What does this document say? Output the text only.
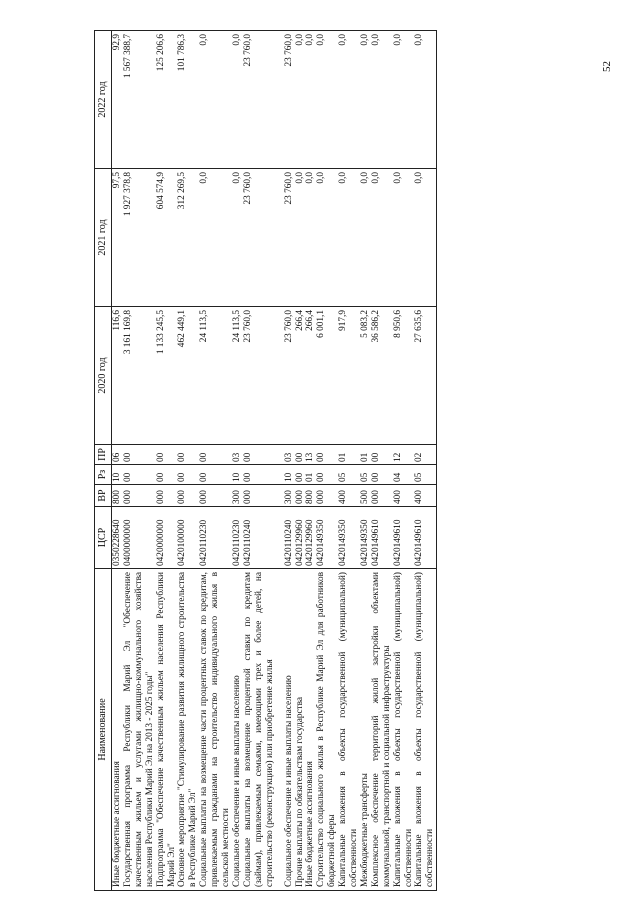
52
Наименование	ЦСР	ВР	Рз	ПР	2020 год	2021 год	2022 год
Иные бюджетные ассигнования	0350228640	800	10	06	116,6	97,5	92,9
Государственная программа Республики Марий Эл "Обеспечение качественным жильем и услугами жилищно-коммунального хозяйства населения Республики Марий Эл на 2013 - 2025 годы"	0400000000	000	00	00	3 161 169,8	1 927 378,8	1 567 388,7
Подпрограмма "Обеспечение качественным жильем населения Республики Марий Эл"	0420000000	000	00	00	1 133 245,5	604 574,9	125 206,6
Основное мероприятие "Стимулирование развития жилищного строительства в Республике Марий Эл"	0420100000	000	00	00	462 449,1	312 269,5	101 786,3
Социальные выплаты на возмещение части процентных ставок по кредитам, привлекаемым гражданами на строительство индивидуального жилья в сельской местности	0420110230	000	00	00	24 113,5	0,0	0,0
Социальное обеспечение и иные выплаты населению	0420110230	300	10	03	24 113,5	0,0	0,0
Социальные выплаты на возмещение процентной ставки по кредитам (займам), привлекаемым семьями, имеющими трех и более детей, на строительство (реконструкцию) или приобретение жилья	0420110240	000	00	00	23 760,0	23 760,0	23 760,0

Социальное обеспечение и иные выплаты населению	0420110240	300	10	03	23 760,0	23 760,0	23 760,0
Прочие выплаты по обязательствам государства	0420129960	000	00	00	266,4	0,0	0,0
Иные бюджетные ассигнования	0420129960	800	01	13	266,4	0,0	0,0
Строительство социального жилья в Республике Марий Эл для работников бюджетной сферы	0420149350	000	00	00	6 001,1	0,0	0,0
Капитальные вложения в объекты государственной (муниципальной) собственности	0420149350	400	05	01	917,9	0,0	0,0
Межбюджетные трансферты	0420149350	500	05	01	5 083,2	0,0	0,0
Комплексное обеспечение территорий жилой застройки объектами коммунальной, транспортной и социальной инфраструктуры	0420149610	000	00	00	36 586,2	0,0	0,0
Капитальные вложения в объекты государственной (муниципальной) собственности	0420149610	400	04	12	8 950,6	0,0	0,0
Капитальные вложения в объекты государственной (муниципальной) собственности	0420149610	400	05	02	27 635,6	0,0	0,0
